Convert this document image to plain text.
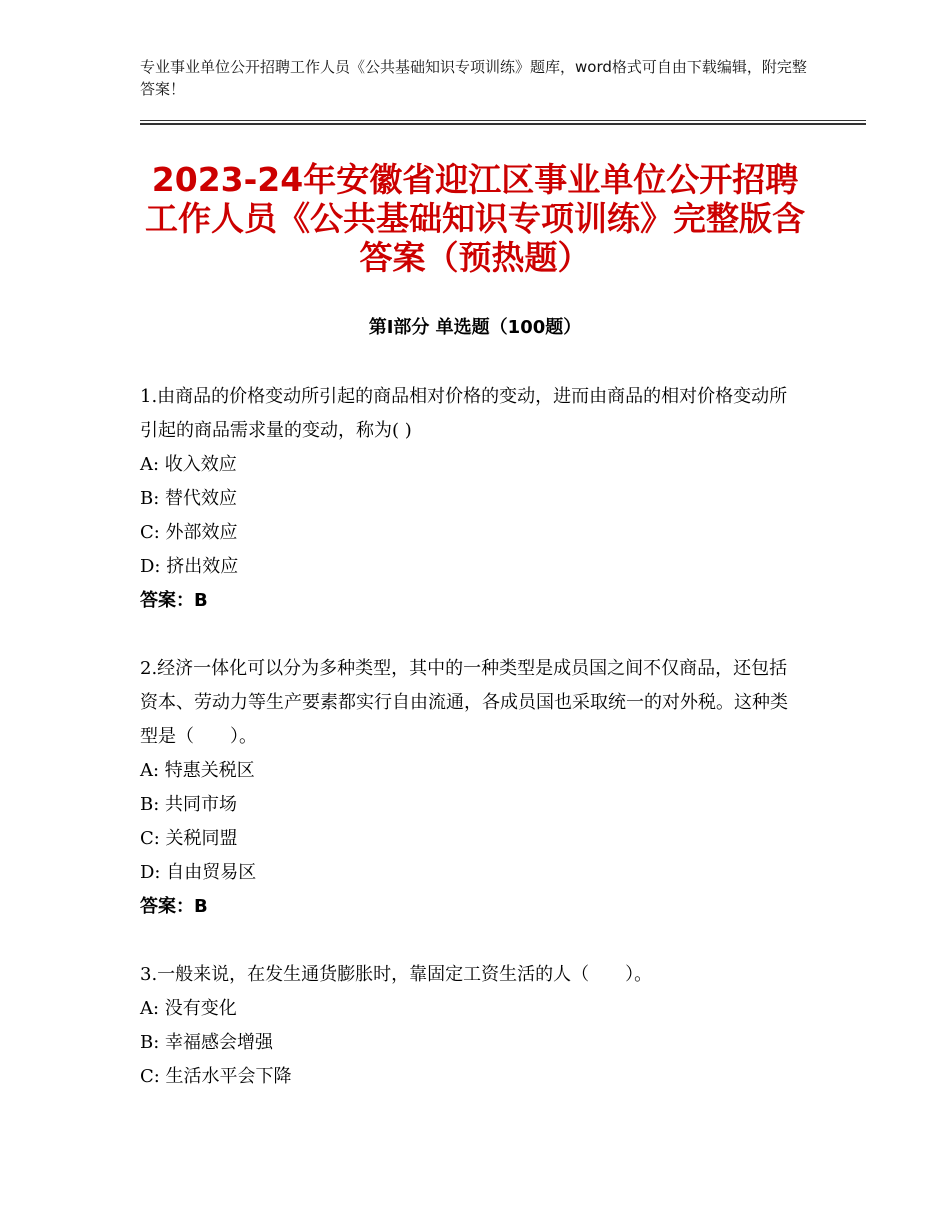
专业事业单位公开招聘工作人员《公共基础知识专项训练》题库，word格式可自由下载编辑，附完整答案！
2023-24年安徽省迎江区事业单位公开招聘工作人员《公共基础知识专项训练》完整版含答案（预热题）
第I部分 单选题（100题）
1.由商品的价格变动所引起的商品相对价格的变动，进而由商品的相对价格变动所引起的商品需求量的变动，称为( )
A: 收入效应
B: 替代效应
C: 外部效应
D: 挤出效应
答案：B
2.经济一体化可以分为多种类型，其中的一种类型是成员国之间不仅商品，还包括资本、劳动力等生产要素都实行自由流通，各成员国也采取统一的对外税。这种类型是（　　）。
A: 特惠关税区
B: 共同市场
C: 关税同盟
D: 自由贸易区
答案：B
3.一般来说，在发生通货膨胀时，靠固定工资生活的人（　　）。
A: 没有变化
B: 幸福感会增强
C: 生活水平会下降
